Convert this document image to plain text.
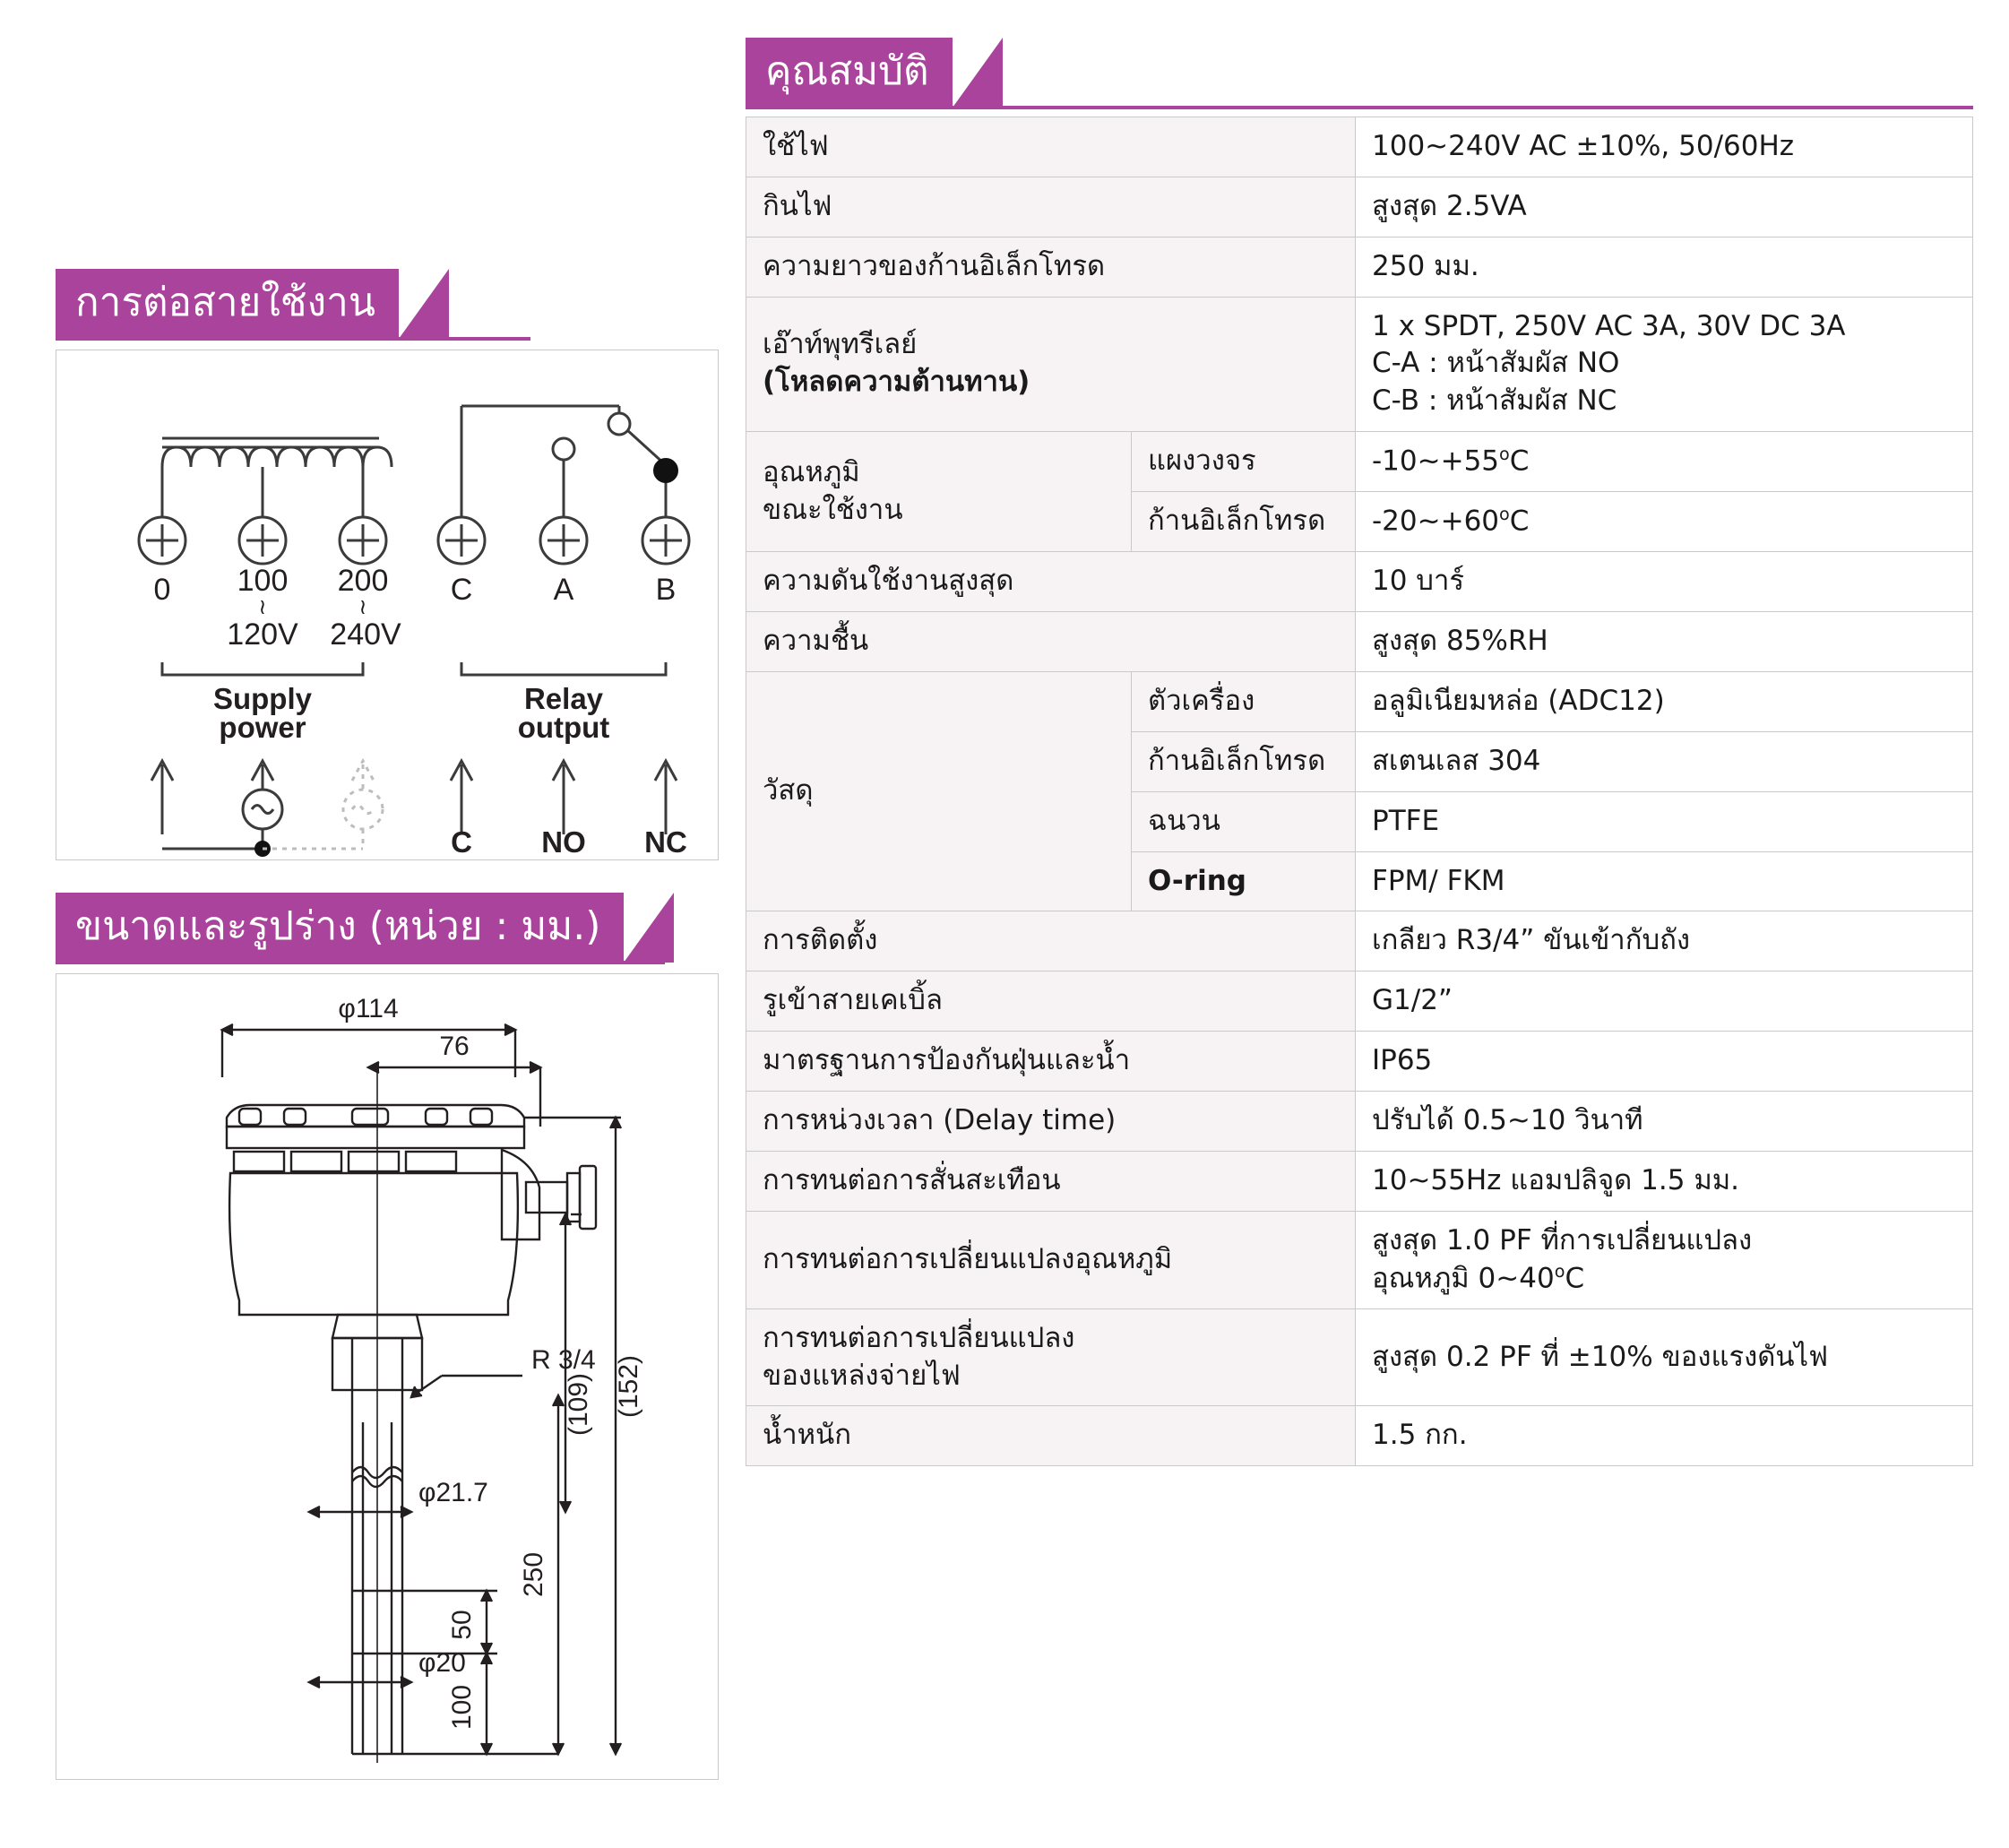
การต่อสายใช้งาน
0 100 200 C	A	B
≀	≀
120V 240V
Supply
power
Relay
output
C NO NC
ขนาดและรูปร่าง (หน่วย : มม.)
φ114
76
(152)
(109)
R 3/4
φ21.7
φ20
50
100
250
คุณสมบัติ
ใช้ไฟ		100~240V AC ±10%, 50/60Hz
กินไฟ		สูงสุด 2.5VA
ความยาวของก้านอิเล็กโทรด		250 มม.

เอ๊าท์พุทรีเลย์
(โหลดความต้านทาน)		1 x SPDT, 250V AC 3A, 30V DC 3A
C-A : หน้าสัมผัส NO
C-B : หน้าสัมผัส NC

อุณหภูมิ
ขณะใช้งาน	แผงวงจร	$-10\sim+55^oC$
	ก้านอิเล็กโทรด	$-20\sim+60^oC$
ความดันใช้งานสูงสุด		10 บาร์
ความชื้น		สูงสุด 85%RH
วัสดุ	ตัวเครื่อง	อลูมิเนียมหล่อ (ADC12)
	ก้านอิเล็กโทรด	สเตนเลส 304
	ฉนวน	PTFE
	O-ring	FPM/ FKM
การติดตั้ง		เกลียว R3/4” ขันเข้ากับถัง
รูเข้าสายเคเบิ้ล		G1/2”
มาตรฐานการป้องกันฝุ่นและน้ำ		IP65
การหน่วงเวลา (Delay time)		ปรับได้ 0.5~10 วินาที
การทนต่อการสั่นสะเทือน		10~55Hz แอมปลิจูด 1.5 มม.
การทนต่อการเปลี่ยนแปลงอุณหภูมิ		สูงสุด 1.0 PF ที่การเปลี่ยนแปลง
อุณหภูมิ 0~40$^o$C

การทนต่อการเปลี่ยนแปลง
ของแหล่งจ่ายไฟ		สูงสุด 0.2 PF ที่ ±10% ของแรงดันไฟ
น้ำหนัก		1.5 กก.
